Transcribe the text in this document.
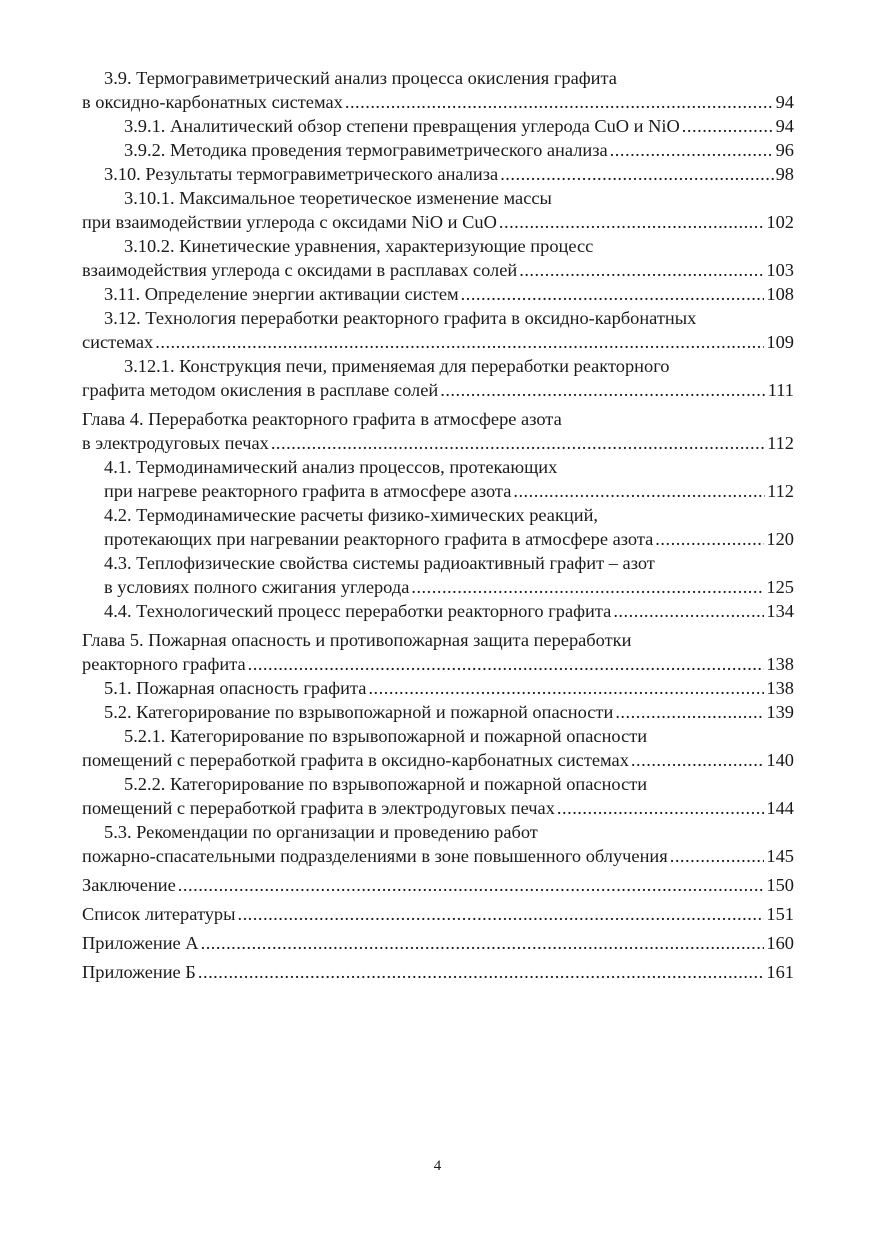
3.9. Термогравиметрический анализ процесса окисления графита
в оксидно-карбонатных системах .....	94
3.9.1. Аналитический обзор степени превращения углерода CuO и NiO .....	94
3.9.2. Методика проведения термогравиметрического анализа .....	96
3.10. Результаты термогравиметрического анализа .....	98
3.10.1. Максимальное теоретическое изменение массы
при взаимодействии углерода с оксидами NiO и CuO .....	102
3.10.2. Кинетические уравнения, характеризующие процесс
взаимодействия углерода с оксидами в расплавах солей .....	103
3.11. Определение энергии активации систем .....	108
3.12. Технология переработки реакторного графита в оксидно-карбонатных
системах .....	109
3.12.1. Конструкция печи, применяемая для переработки реакторного
графита методом окисления в расплаве солей .....	111
Глава 4. Переработка реакторного графита в атмосфере азота
в электродуговых печах .....	112
4.1. Термодинамический анализ процессов, протекающих
при нагреве реакторного графита в атмосфере азота .....	112
4.2. Термодинамические расчеты физико-химических реакций,
протекающих при нагревании реакторного графита в атмосфере азота .....	120
4.3. Теплофизические свойства системы радиоактивный графит – азот
в условиях полного сжигания углерода .....	125
4.4. Технологический процесс переработки реакторного графита .....	134
Глава 5. Пожарная опасность и противопожарная защита переработки
реакторного графита .....	138
5.1. Пожарная опасность графита .....	138
5.2. Категорирование по взрывопожарной и пожарной опасности .....	139
5.2.1. Категорирование по взрывопожарной и пожарной опасности
помещений с переработкой графита в оксидно-карбонатных системах .....	140
5.2.2. Категорирование по взрывопожарной и пожарной опасности
помещений с переработкой графита в электродуговых печах .....	144
5.3. Рекомендации по организации и проведению работ
пожарно-спасательными подразделениями в зоне повышенного облучения .....	145
Заключение .....	150
Список литературы .....	151
Приложение А .....	160
Приложение Б .....	161
4
